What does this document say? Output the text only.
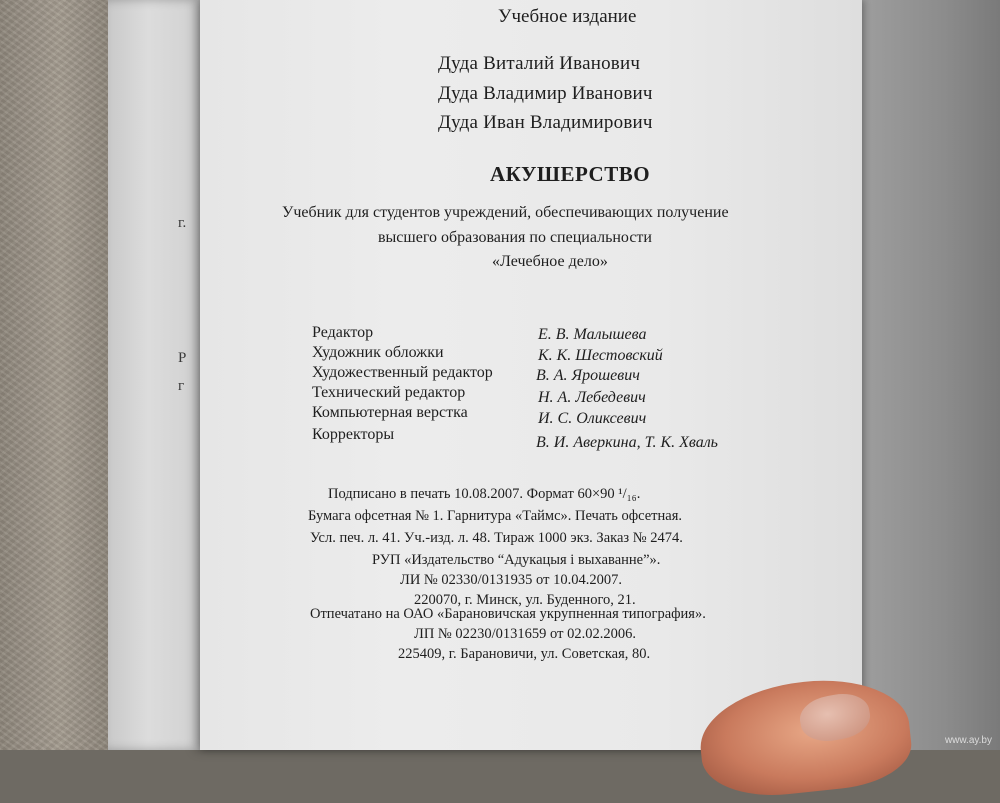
г.
Р
г
Учебное издание
Дуда Виталий Иванович
Дуда Владимир Иванович
Дуда Иван Владимирович
АКУШЕРСТВО
Учебник для студентов учреждений, обеспечивающих получение
высшего образования по специальности
«Лечебное дело»
Редактор	Е. В. Малышева
Художник обложки	К. К. Шестовский
Художественный редактор	В. А. Ярошевич
Технический редактор	Н. А. Лебедевич
Компьютерная верстка	И. С. Оликсевич
Корректоры	В. И. Аверкина, Т. К. Хваль
Подписано в печать 10.08.2007. Формат 60×90 ¹/₁₆.
Бумага офсетная № 1. Гарнитура «Таймс». Печать офсетная.
Усл. печ. л. 41. Уч.-изд. л. 48. Тираж 1000 экз. Заказ № 2474.
РУП «Издательство “Адукацыя і выхаванне”».
ЛИ № 02330/0131935 от 10.04.2007.
220070, г. Минск, ул. Буденного, 21.
Отпечатано на ОАО «Барановичская укрупненная типография».
ЛП № 02230/0131659 от 02.02.2006.
225409, г. Барановичи, ул. Советская, 80.
www.ay.by
